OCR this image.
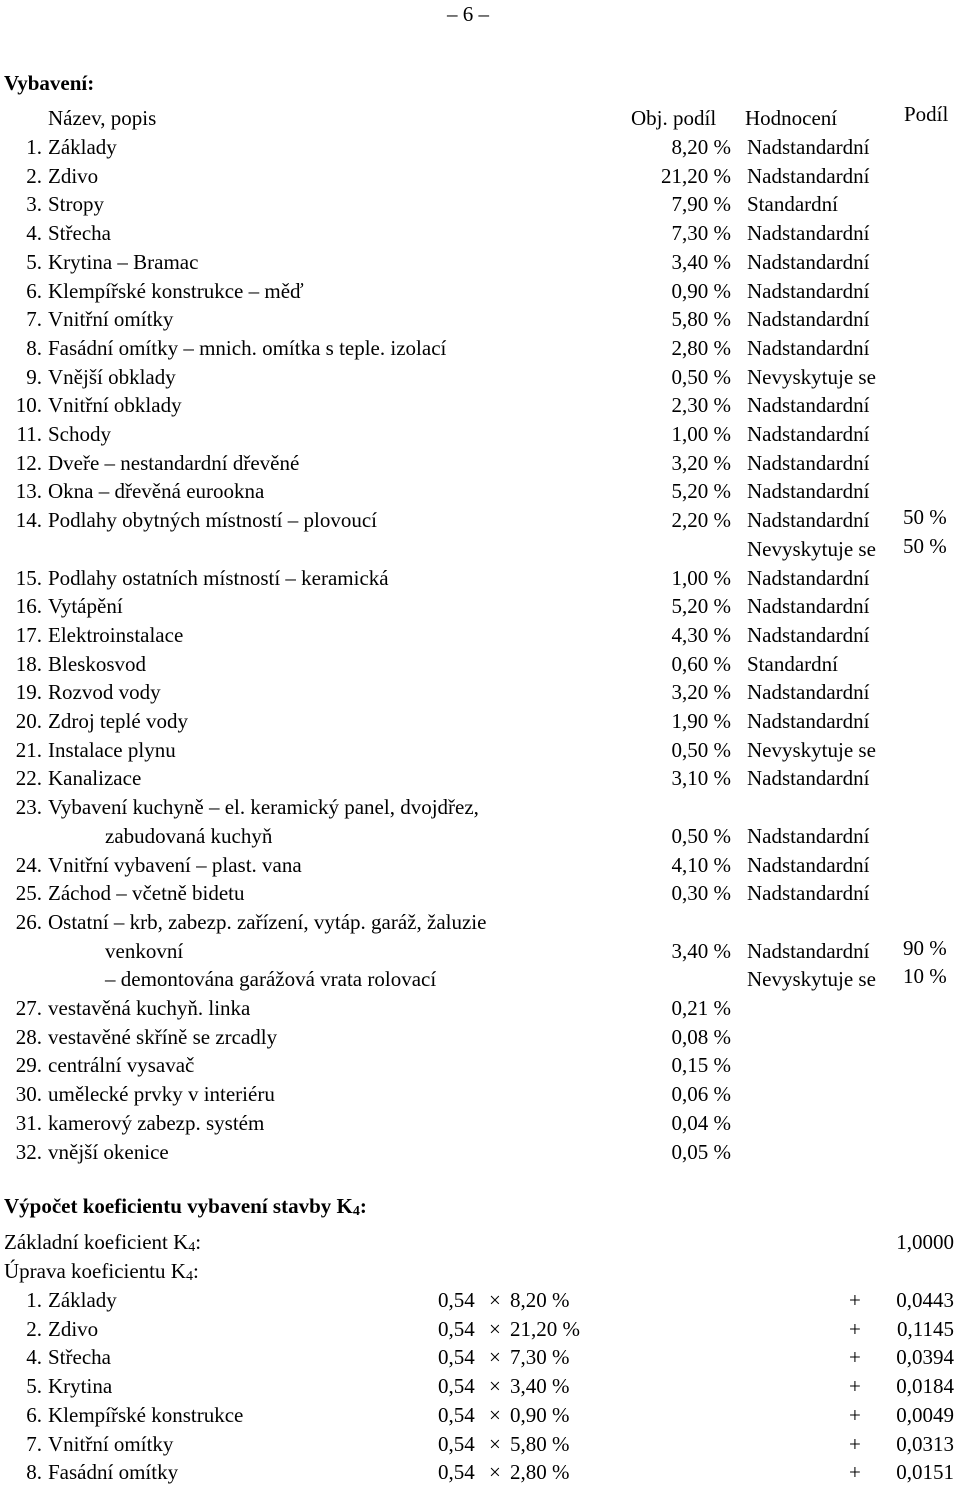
– 6 –
Vybavení:
Název, popis	Obj. podíl Hodnocení	Podíl
1. Základy	8,20 % Nadstandardní
2. Zdivo	21,20 % Nadstandardní
3. Stropy	7,90 % Standardní
4. Střecha	7,30 % Nadstandardní
5. Krytina – Bramac	3,40 % Nadstandardní
6. Klempířské konstrukce – měď	0,90 % Nadstandardní
7. Vnitřní omítky	5,80 % Nadstandardní
8. Fasádní omítky – mnich. omítka s teple. izolací	2,80 % Nadstandardní
9. Vnější obklady	0,50 % Nevyskytuje se
10. Vnitřní obklady	2,30 % Nadstandardní
11. Schody	1,00 % Nadstandardní
12. Dveře – nestandardní dřevěné	3,20 % Nadstandardní
13. Okna – dřevěná eurookna	5,20 % Nadstandardní
14. Podlahy obytných místností – plovoucí	2,20 % Nadstandardní 50 %
Nevyskytuje se 50 %
15. Podlahy ostatních místností – keramická	1,00 % Nadstandardní
16. Vytápění	5,20 % Nadstandardní
17. Elektroinstalace	4,30 % Nadstandardní
18. Bleskosvod	0,60 % Standardní
19. Rozvod vody	3,20 % Nadstandardní
20. Zdroj teplé vody	1,90 % Nadstandardní
21. Instalace plynu	0,50 % Nevyskytuje se
22. Kanalizace	3,10 % Nadstandardní
23. Vybavení kuchyně – el. keramický panel, dvojdřez,
zabudovaná kuchyň	0,50 % Nadstandardní
24. Vnitřní vybavení – plast. vana	4,10 % Nadstandardní
25. Záchod – včetně bidetu	0,30 % Nadstandardní
26. Ostatní – krb, zabezp. zařízení, vytáp. garáž, žaluzie
venkovní	3,40 % Nadstandardní 90 %
– demontována garážová vrata rolovací	Nevyskytuje se 10 %
27. vestavěná kuchyň. linka	0,21 %
28. vestavěné skříně se zrcadly	0,08 %
29. centrální vysavač	0,15 %
30. umělecké prvky v interiéru	0,06 %
31. kamerový zabezp. systém	0,04 %
32. vnější okenice	0,05 %
Výpočet koeficientu vybavení stavby $K_4$:
Základní koeficient $K_4$:	1,0000
Úprava koeficientu $K_4$:
1. Základy	0,54 × 8,20 %	+	0,0443
2. Zdivo	0,54 × 21,20 %	+	0,1145
4. Střecha	0,54 × 7,30 %	+	0,0394
5. Krytina	0,54 × 3,40 %	+	0,0184
6. Klempířské konstrukce	0,54 × 0,90 %	+	0,0049
7. Vnitřní omítky	0,54 × 5,80 %	+	0,0313
8. Fasádní omítky	0,54 × 2,80 %	+	0,0151
